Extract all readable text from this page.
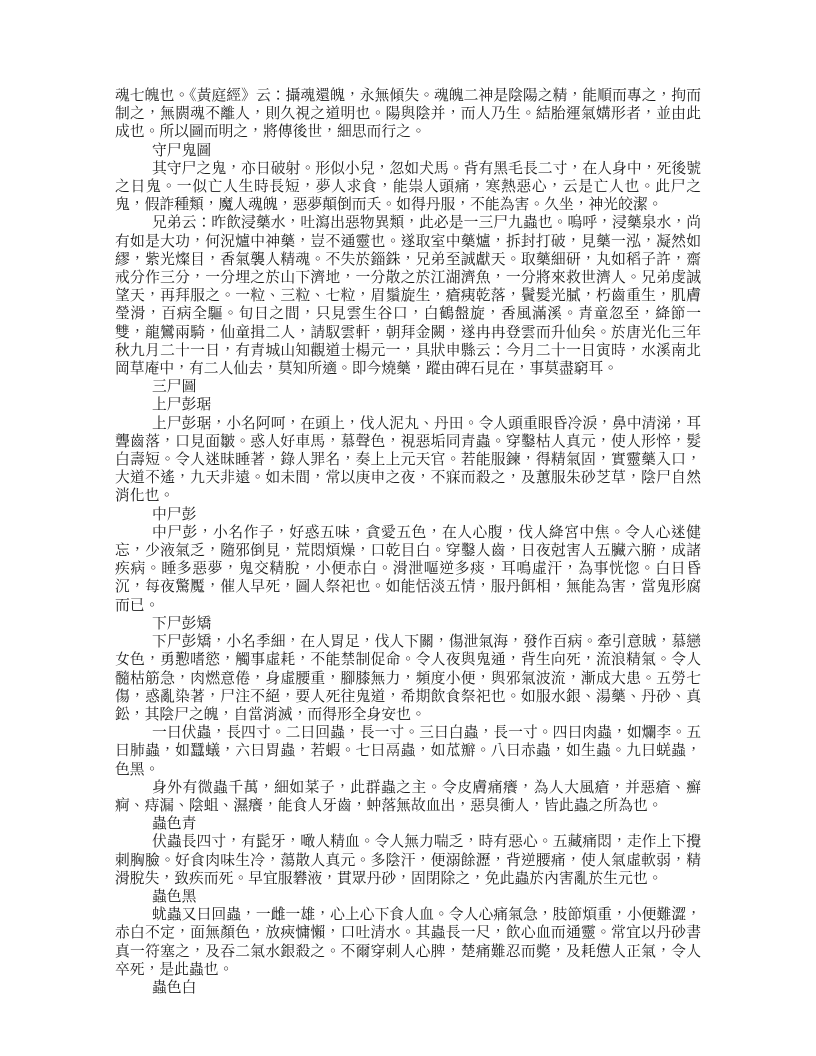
魂七魄也。《黃庭經》云：攝魂還魄，永無傾失。魂魄二神是陰陽之精，能順而專之，拘而制之，無閼魂不離人，則久視之道明也。陽與陰并，而人乃生。結胎運氣媾形者，並由此成也。所以圖而明之，將傳後世，細思而行之。

守尸鬼圖

其守尸之鬼，亦日破射。形似小兒，忽如犬馬。背有黑毛長二寸，在人身中，死後號之日鬼。一似亡人生時長短，夢人求食，能祟人頭痛，寒熱惡心，云是亡人也。此尸之鬼，假詐種類，魔人魂魄，惡夢顛倒而夭。如得丹服，不能為害。久坐，神光皎潔。

兄弟云：昨飲浸藥水，吐瀉出惡物異類，此必是一三尸九蟲也。嗚呼，浸藥泉水，尚有如是大功，何況爐中神藥，豈不通靈也。遂取室中藥爐，拆封打破，見藥一泓，凝然如繆，紫光燦目，香氣襲人精魂。不失於錙銖，兄弟至誠獻天。取藥細研，丸如稻子許，齋戒分作三分，一分埋之於山下濟地，一分散之於江湖濟魚，一分將來救世濟人。兄弟虔誠望天，再拜服之。一粒、三粒、七粒，眉鬚旋生，瘡痍乾落，鬢髮光膩，朽齒重生，肌膚瑩滑，百病全驅。旬日之間，只見雲生谷口，白鶴盤旋，香風滿溪。青童忽至，絳節一雙，龍鸞兩騎，仙童揖二人，請馭雲軒，朝拜金闕，遂冉冉登雲而升仙矣。於唐光化三年秋九月二十一日，有青城山知觀道士楊元一，具狀申縣云：今月二十一日寅時，水溪南北岡草庵中，有二人仙去，莫知所適。即今燒藥，蹤由碑石見在，事莫盡窮耳。

三尸圖

上尸彭琚

上尸彭琚，小名阿呵，在頭上，伐人泥丸、丹田。令人頭重眼昏冷淚，鼻中清涕，耳聾齒落，口見面皺。惑人好車馬，慕聲色，視惡垢同青蟲。穿鑿枯人真元，使人形悴，髮白壽短。令人迷昧睡著，錄人罪名，奏上上元天官。若能服鍊，得精氣固，實靈藥入口，大道不遙，九天非遠。如未間，常以庚申之夜，不寐而殺之，及蕙服朱砂芝草，陰尸自然消化也。

中尸彭

中尸彭，小名作子，好惑五味，貪愛五色，在人心腹，伐人絳宮中焦。令人心迷健忘，少液氣乏，隨邪倒見，荒悶煩燥，口乾目白。穿鑿人齒，日夜尅害人五臟六腑，成諸疾病。睡多惡夢，鬼交精脫，小便赤白。滑泄嘔逆多痰，耳鳴虛汗，為事恍惚。白日昏沉，每夜驚魘，催人早死，圖人祭祀也。如能恬淡五情，服丹餌相，無能為害，當鬼形腐而已。

下尸彭矯

下尸彭矯，小名季細，在人胃足，伐人下關，傷泄氣海，發作百病。牽引意賊，慕戀女色，勇懃嗜慾，觸事虛耗，不能禁制促命。令人夜與鬼通，背生向死，流浪精氣。令人髓枯筋急，肉燃意倦，身虛腰重，腳膝無力，頻度小便，與邪氣波流，漸成大患。五勞七傷，惑亂染著，尸注不絕，要人死往鬼道，希期飲食祭祀也。如服水銀、湯藥、丹砂、真鈆，其陰尸之魄，自當消滅，而得形全身安也。

一曰伏蟲，長四寸。二曰回蟲，長一寸。三曰白蟲，長一寸。四曰肉蟲，如爛李。五曰肺蟲，如蠶蟻，六曰胃蟲，若蝦。七曰鬲蟲，如苽瓣。八曰赤蟲，如生蟲。九曰蜣蟲，色黑。

身外有微蟲千萬，細如菜子，此群蟲之主。令皮膚痛癢，為人大風瘡，并惡瘡、癬痾、痔漏、陰蛆、濕癢，能食人牙齒，蚛落無故血出，惡臭衝人，皆此蟲之所為也。

蟲色青

伏蟲長四寸，有髭牙，噉人精血。令人無力喘乏，時有惡心。五藏痛悶，走作上下攪刺胸臉。好食肉味生冷，蕩散人真元。多陰汗，便溺餘瀝，背逆腰痛，使人氣虛軟弱，精滑脫失，致疾而死。早宜服礬液，貫眾丹砂，固閉除之，免此蟲於內害亂於生元也。

蟲色黑

蚘蟲又曰回蟲，一雌一雄，心上心下食人血。令人心痛氣急，肢節煩重，小便難澀，赤白不定，面無顏色，放㾜慵懶，口吐清水。其蟲長一尺，飲心血而通靈。常宜以丹砂書真一符塞之，及吞二氣水銀殺之。不爾穿刺人心脾，楚痛難忍而斃，及耗憊人正氣，令人卒死，是此蟲也。

蟲色白
